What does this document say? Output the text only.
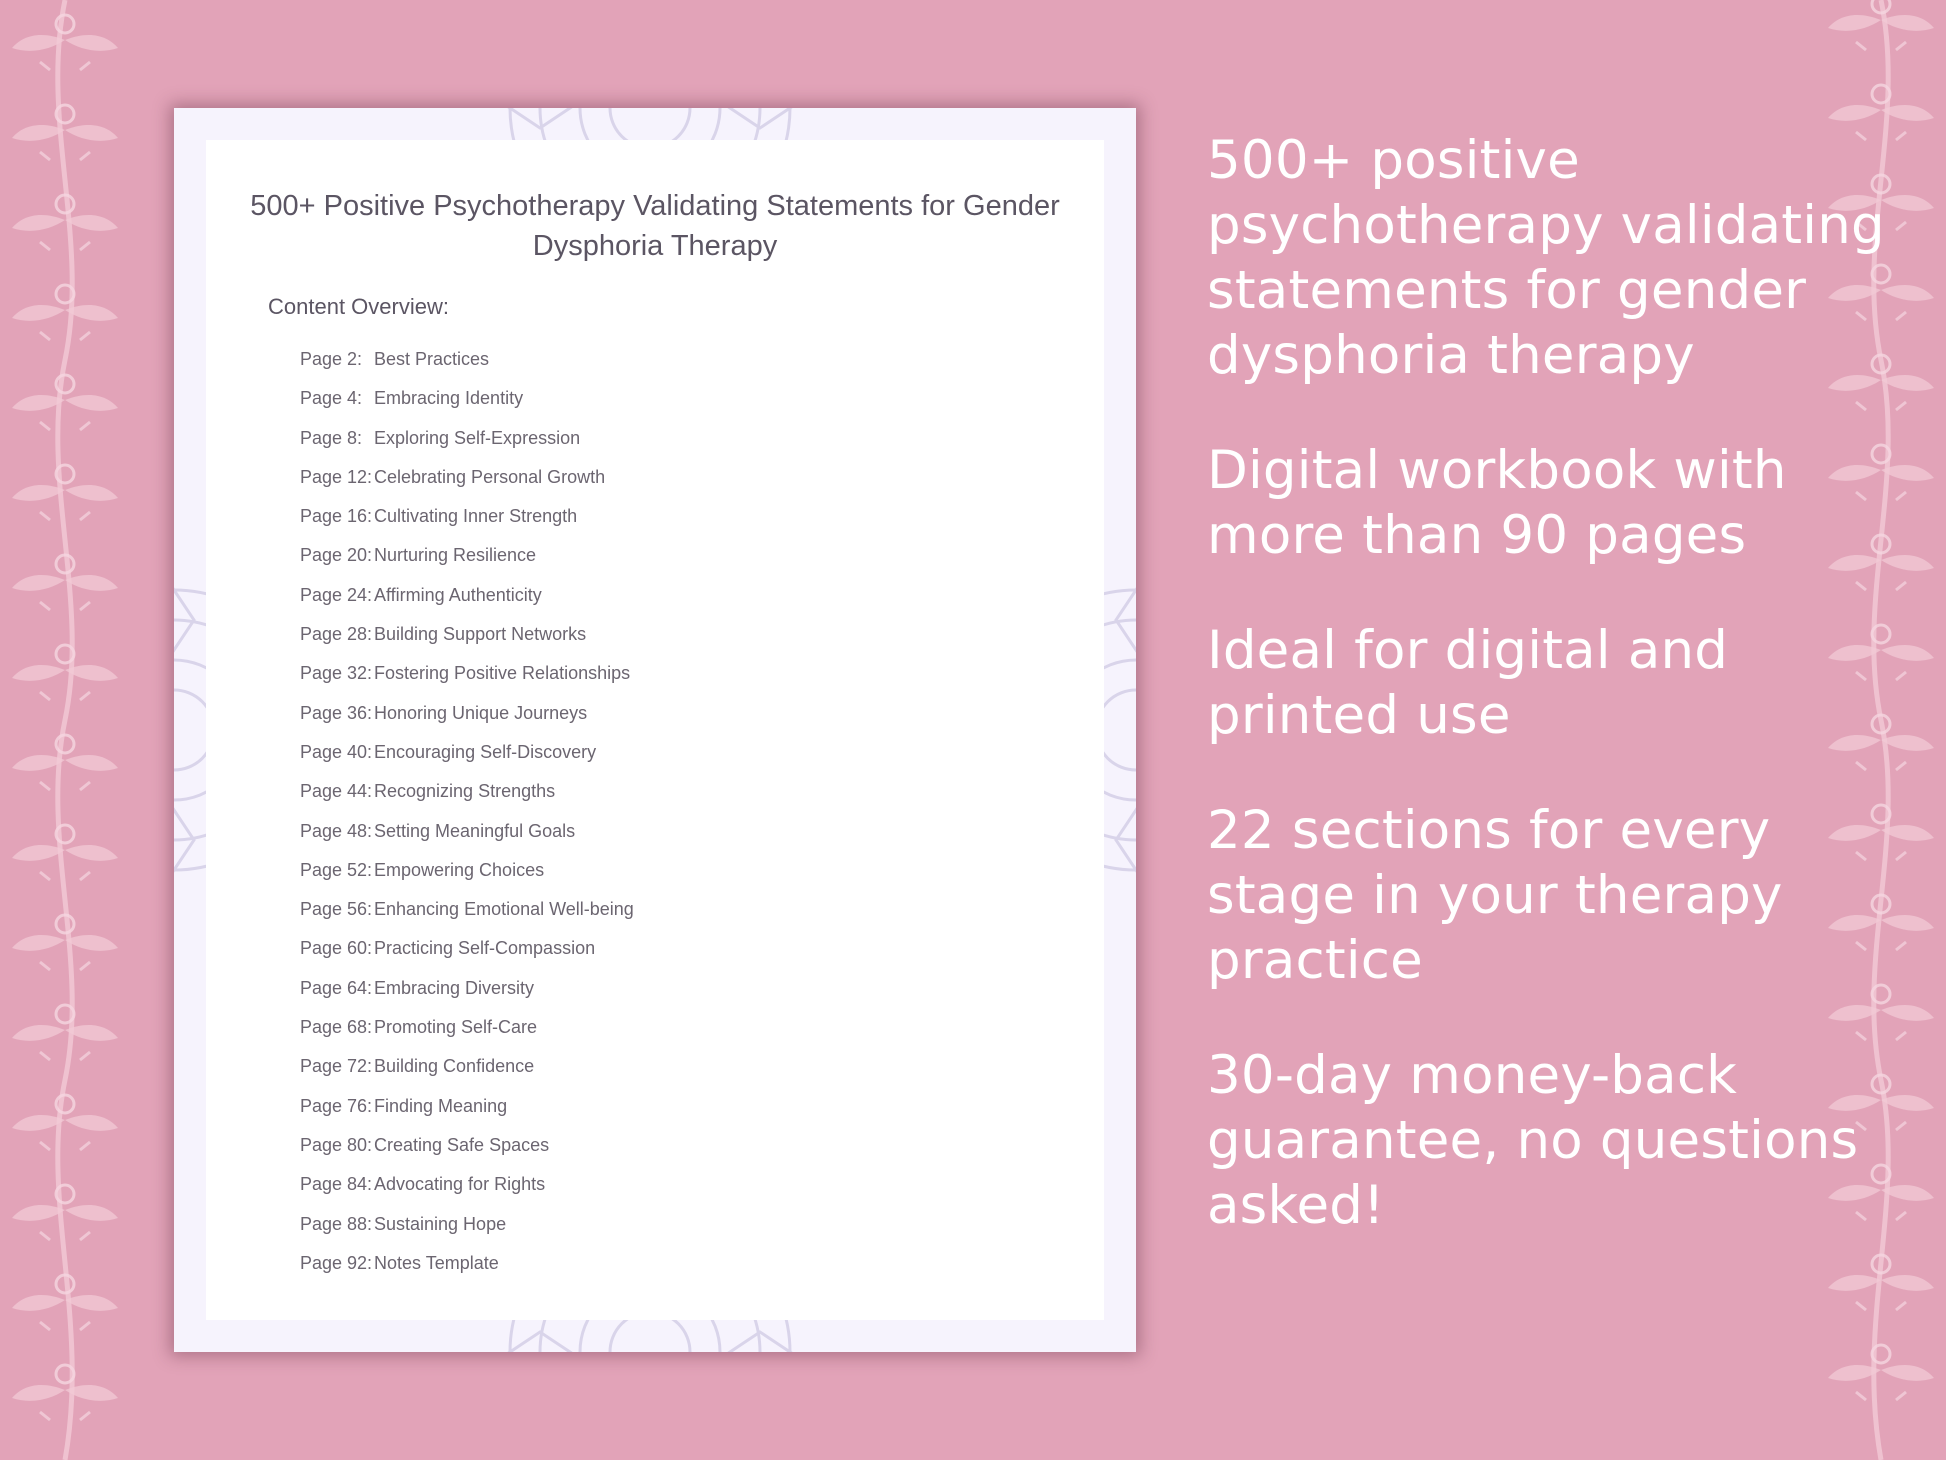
500+ Positive Psychotherapy Validating Statements for Gender Dysphoria Therapy
Content Overview:
Page 2: Best Practices
Page 4: Embracing Identity
Page 8: Exploring Self-Expression
Page 12: Celebrating Personal Growth
Page 16: Cultivating Inner Strength
Page 20: Nurturing Resilience
Page 24: Affirming Authenticity
Page 28: Building Support Networks
Page 32: Fostering Positive Relationships
Page 36: Honoring Unique Journeys
Page 40: Encouraging Self-Discovery
Page 44: Recognizing Strengths
Page 48: Setting Meaningful Goals
Page 52: Empowering Choices
Page 56: Enhancing Emotional Well-being
Page 60: Practicing Self-Compassion
Page 64: Embracing Diversity
Page 68: Promoting Self-Care
Page 72: Building Confidence
Page 76: Finding Meaning
Page 80: Creating Safe Spaces
Page 84: Advocating for Rights
Page 88: Sustaining Hope
Page 92: Notes Template

500+ positive psychotherapy validating statements for gender dysphoria therapy

Digital workbook with more than 90 pages

Ideal for digital and printed use

22 sections for every stage in your therapy practice

30-day money-back guarantee, no questions asked!
